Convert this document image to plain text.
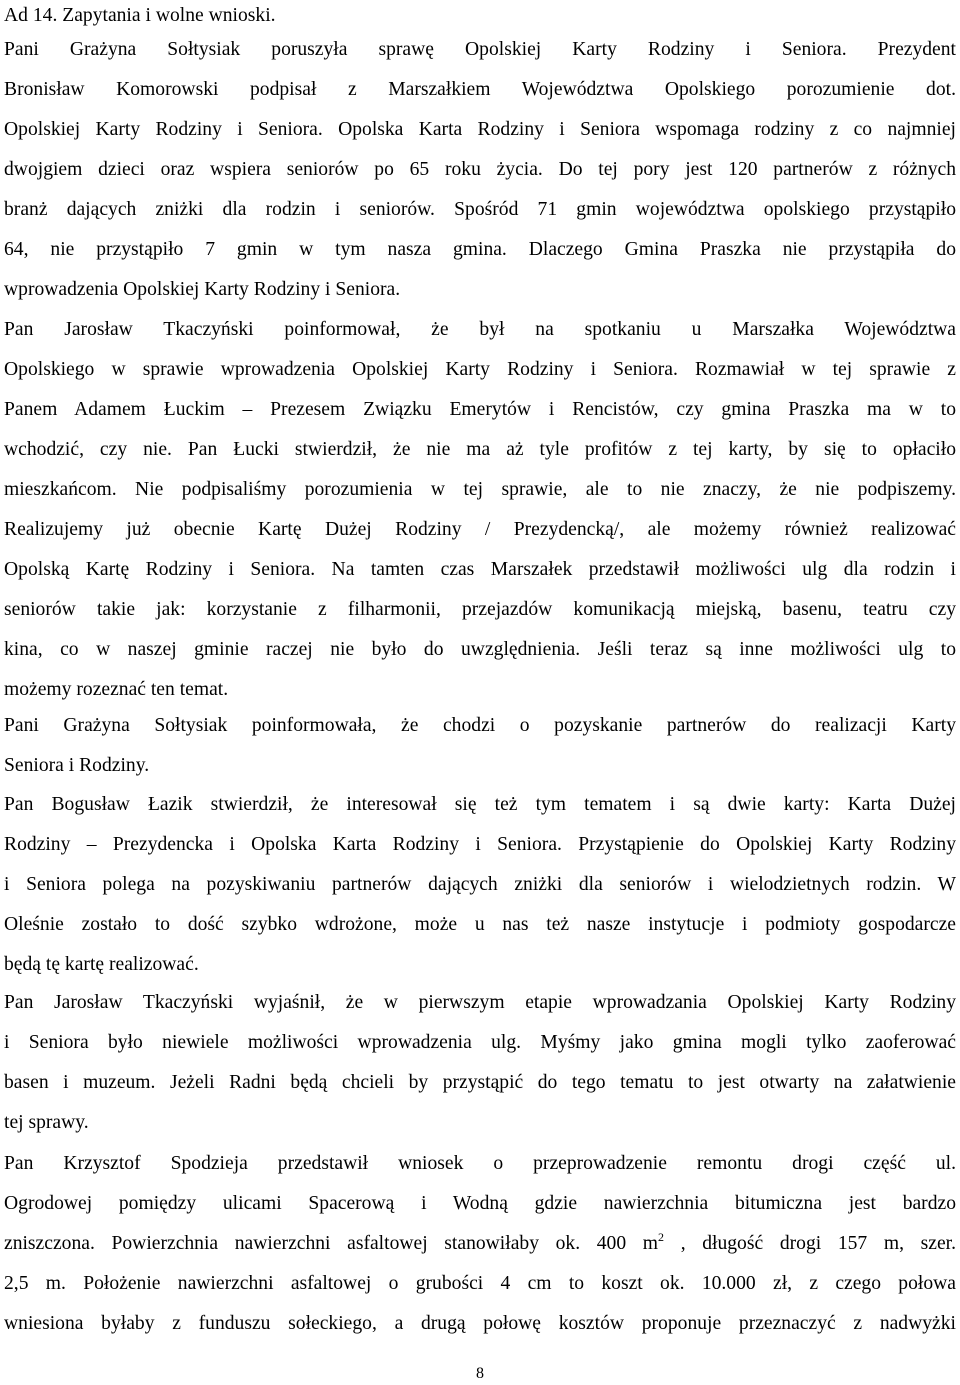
Ad 14. Zapytania i wolne wnioski.
Pani Grażyna Sołtysiak poruszyła sprawę Opolskiej Karty Rodziny i Seniora. Prezydent
Bronisław Komorowski podpisał z Marszałkiem Województwa Opolskiego porozumienie dot.
Opolskiej Karty Rodziny i Seniora. Opolska Karta Rodziny i Seniora wspomaga rodziny z co najmniej
dwojgiem dzieci oraz wspiera seniorów po 65 roku życia. Do tej pory jest 120 partnerów z różnych
branż dających zniżki dla rodzin i seniorów. Spośród 71 gmin województwa opolskiego przystąpiło
64, nie przystąpiło 7 gmin w tym nasza gmina. Dlaczego Gmina Praszka nie przystąpiła do
wprowadzenia Opolskiej Karty Rodziny i Seniora.
Pan Jarosław Tkaczyński poinformował, że był na spotkaniu u Marszałka Województwa
Opolskiego w sprawie wprowadzenia Opolskiej Karty Rodziny i Seniora. Rozmawiał w tej sprawie z
Panem Adamem Łuckim – Prezesem Związku Emerytów i Rencistów, czy gmina Praszka ma w to
wchodzić, czy nie. Pan Łucki stwierdził, że nie ma aż tyle profitów z tej karty, by się to opłaciło
mieszkańcom. Nie podpisaliśmy porozumienia w tej sprawie, ale to nie znaczy, że nie podpiszemy.
Realizujemy już obecnie Kartę Dużej Rodziny / Prezydencką/, ale możemy również realizować
Opolską Kartę Rodziny i Seniora. Na tamten czas Marszałek przedstawił możliwości ulg dla rodzin i
seniorów takie jak: korzystanie z filharmonii, przejazdów komunikacją miejską, basenu, teatru czy
kina, co w naszej gminie raczej nie było do uwzględnienia. Jeśli teraz są inne możliwości ulg to
możemy rozeznać ten temat.
Pani Grażyna Sołtysiak poinformowała, że chodzi o pozyskanie partnerów do realizacji Karty
Seniora i Rodziny.
Pan Bogusław Łazik stwierdził, że interesował się też tym tematem i są dwie karty: Karta Dużej
Rodziny – Prezydencka i Opolska Karta Rodziny i Seniora. Przystąpienie do Opolskiej Karty Rodziny
i Seniora polega na pozyskiwaniu partnerów dających zniżki dla seniorów i wielodzietnych rodzin. W
Oleśnie zostało to dość szybko wdrożone, może u nas też nasze instytucje i podmioty gospodarcze
będą tę kartę realizować.
Pan Jarosław Tkaczyński wyjaśnił, że w pierwszym etapie wprowadzania Opolskiej Karty Rodziny
i Seniora było niewiele możliwości wprowadzenia ulg. Myśmy jako gmina mogli tylko zaoferować
basen i muzeum. Jeżeli Radni będą chcieli by przystąpić do tego tematu to jest otwarty na załatwienie
tej sprawy.
Pan Krzysztof Spodzieja przedstawił wniosek o przeprowadzenie remontu drogi część ul.
Ogrodowej pomiędzy ulicami Spacerową i Wodną gdzie nawierzchnia bitumiczna jest bardzo
zniszczona. Powierzchnia nawierzchni asfaltowej stanowiłaby ok. 400 $m^2$ , długość drogi 157 m, szer.
2,5 m. Położenie nawierzchni asfaltowej o grubości 4 cm to koszt ok. 10.000 zł, z czego połowa
wniesiona byłaby z funduszu sołeckiego, a drugą połowę kosztów proponuje przeznaczyć z nadwyżki
8
